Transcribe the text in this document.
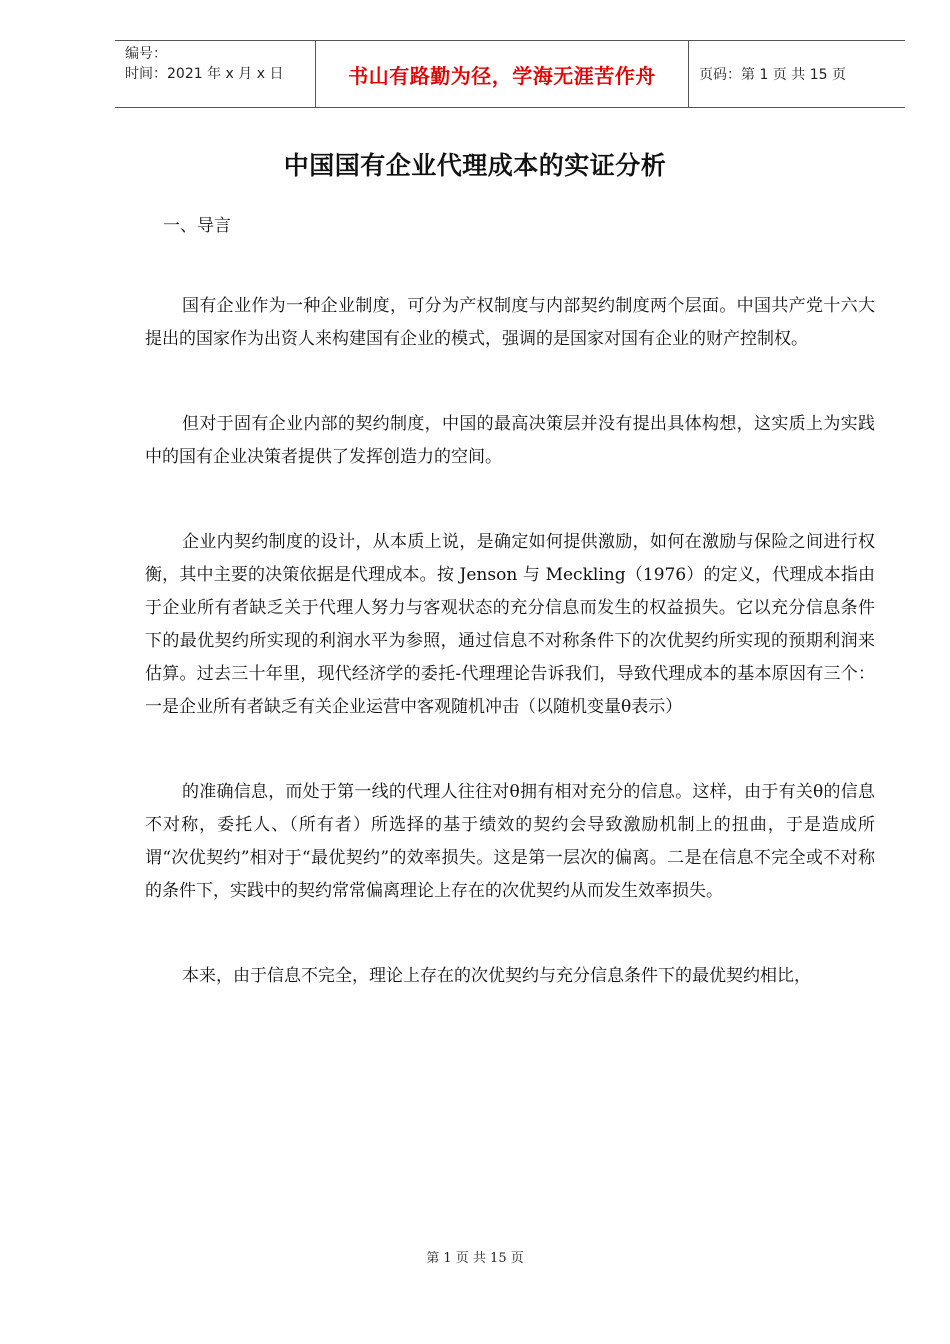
编号：
时间：2021 年 x 月 x 日	书山有路勤为径，学海无涯苦作舟	页码：第 1 页 共 15 页
中国国有企业代理成本的实证分析
一、导言

国有企业作为一种企业制度，可分为产权制度与内部契约制度两个层面。中国共产党十六大提出的国家作为出资人来构建国有企业的模式，强调的是国家对国有企业的财产控制权。

但对于固有企业内部的契约制度，中国的最高决策层并没有提出具体构想，这实质上为实践中的国有企业决策者提供了发挥创造力的空间。

企业内契约制度的设计，从本质上说，是确定如何提供激励，如何在激励与保险之间进行权衡，其中主要的决策依据是代理成本。按 Jenson 与 Meckling（1976）的定义，代理成本指由于企业所有者缺乏关于代理人努力与客观状态的充分信息而发生的权益损失。它以充分信息条件下的最优契约所实现的利润水平为参照，通过信息不对称条件下的次优契约所实现的预期利润来估算。过去三十年里，现代经济学的委托-代理理论告诉我们，导致代理成本的基本原因有三个：一是企业所有者缺乏有关企业运营中客观随机冲击（以随机变量θ表示）

的准确信息，而处于第一线的代理人往往对θ拥有相对充分的信息。这样，由于有关θ的信息不对称，委托人、（所有者）所选择的基于绩效的契约会导致激励机制上的扭曲，于是造成所谓“次优契约”相对于“最优契约”的效率损失。这是第一层次的偏离。二是在信息不完全或不对称的条件下，实践中的契约常常偏离理论上存在的次优契约从而发生效率损失。

本来，由于信息不完全，理论上存在的次优契约与充分信息条件下的最优契约相比，

第 1 页 共 15 页
